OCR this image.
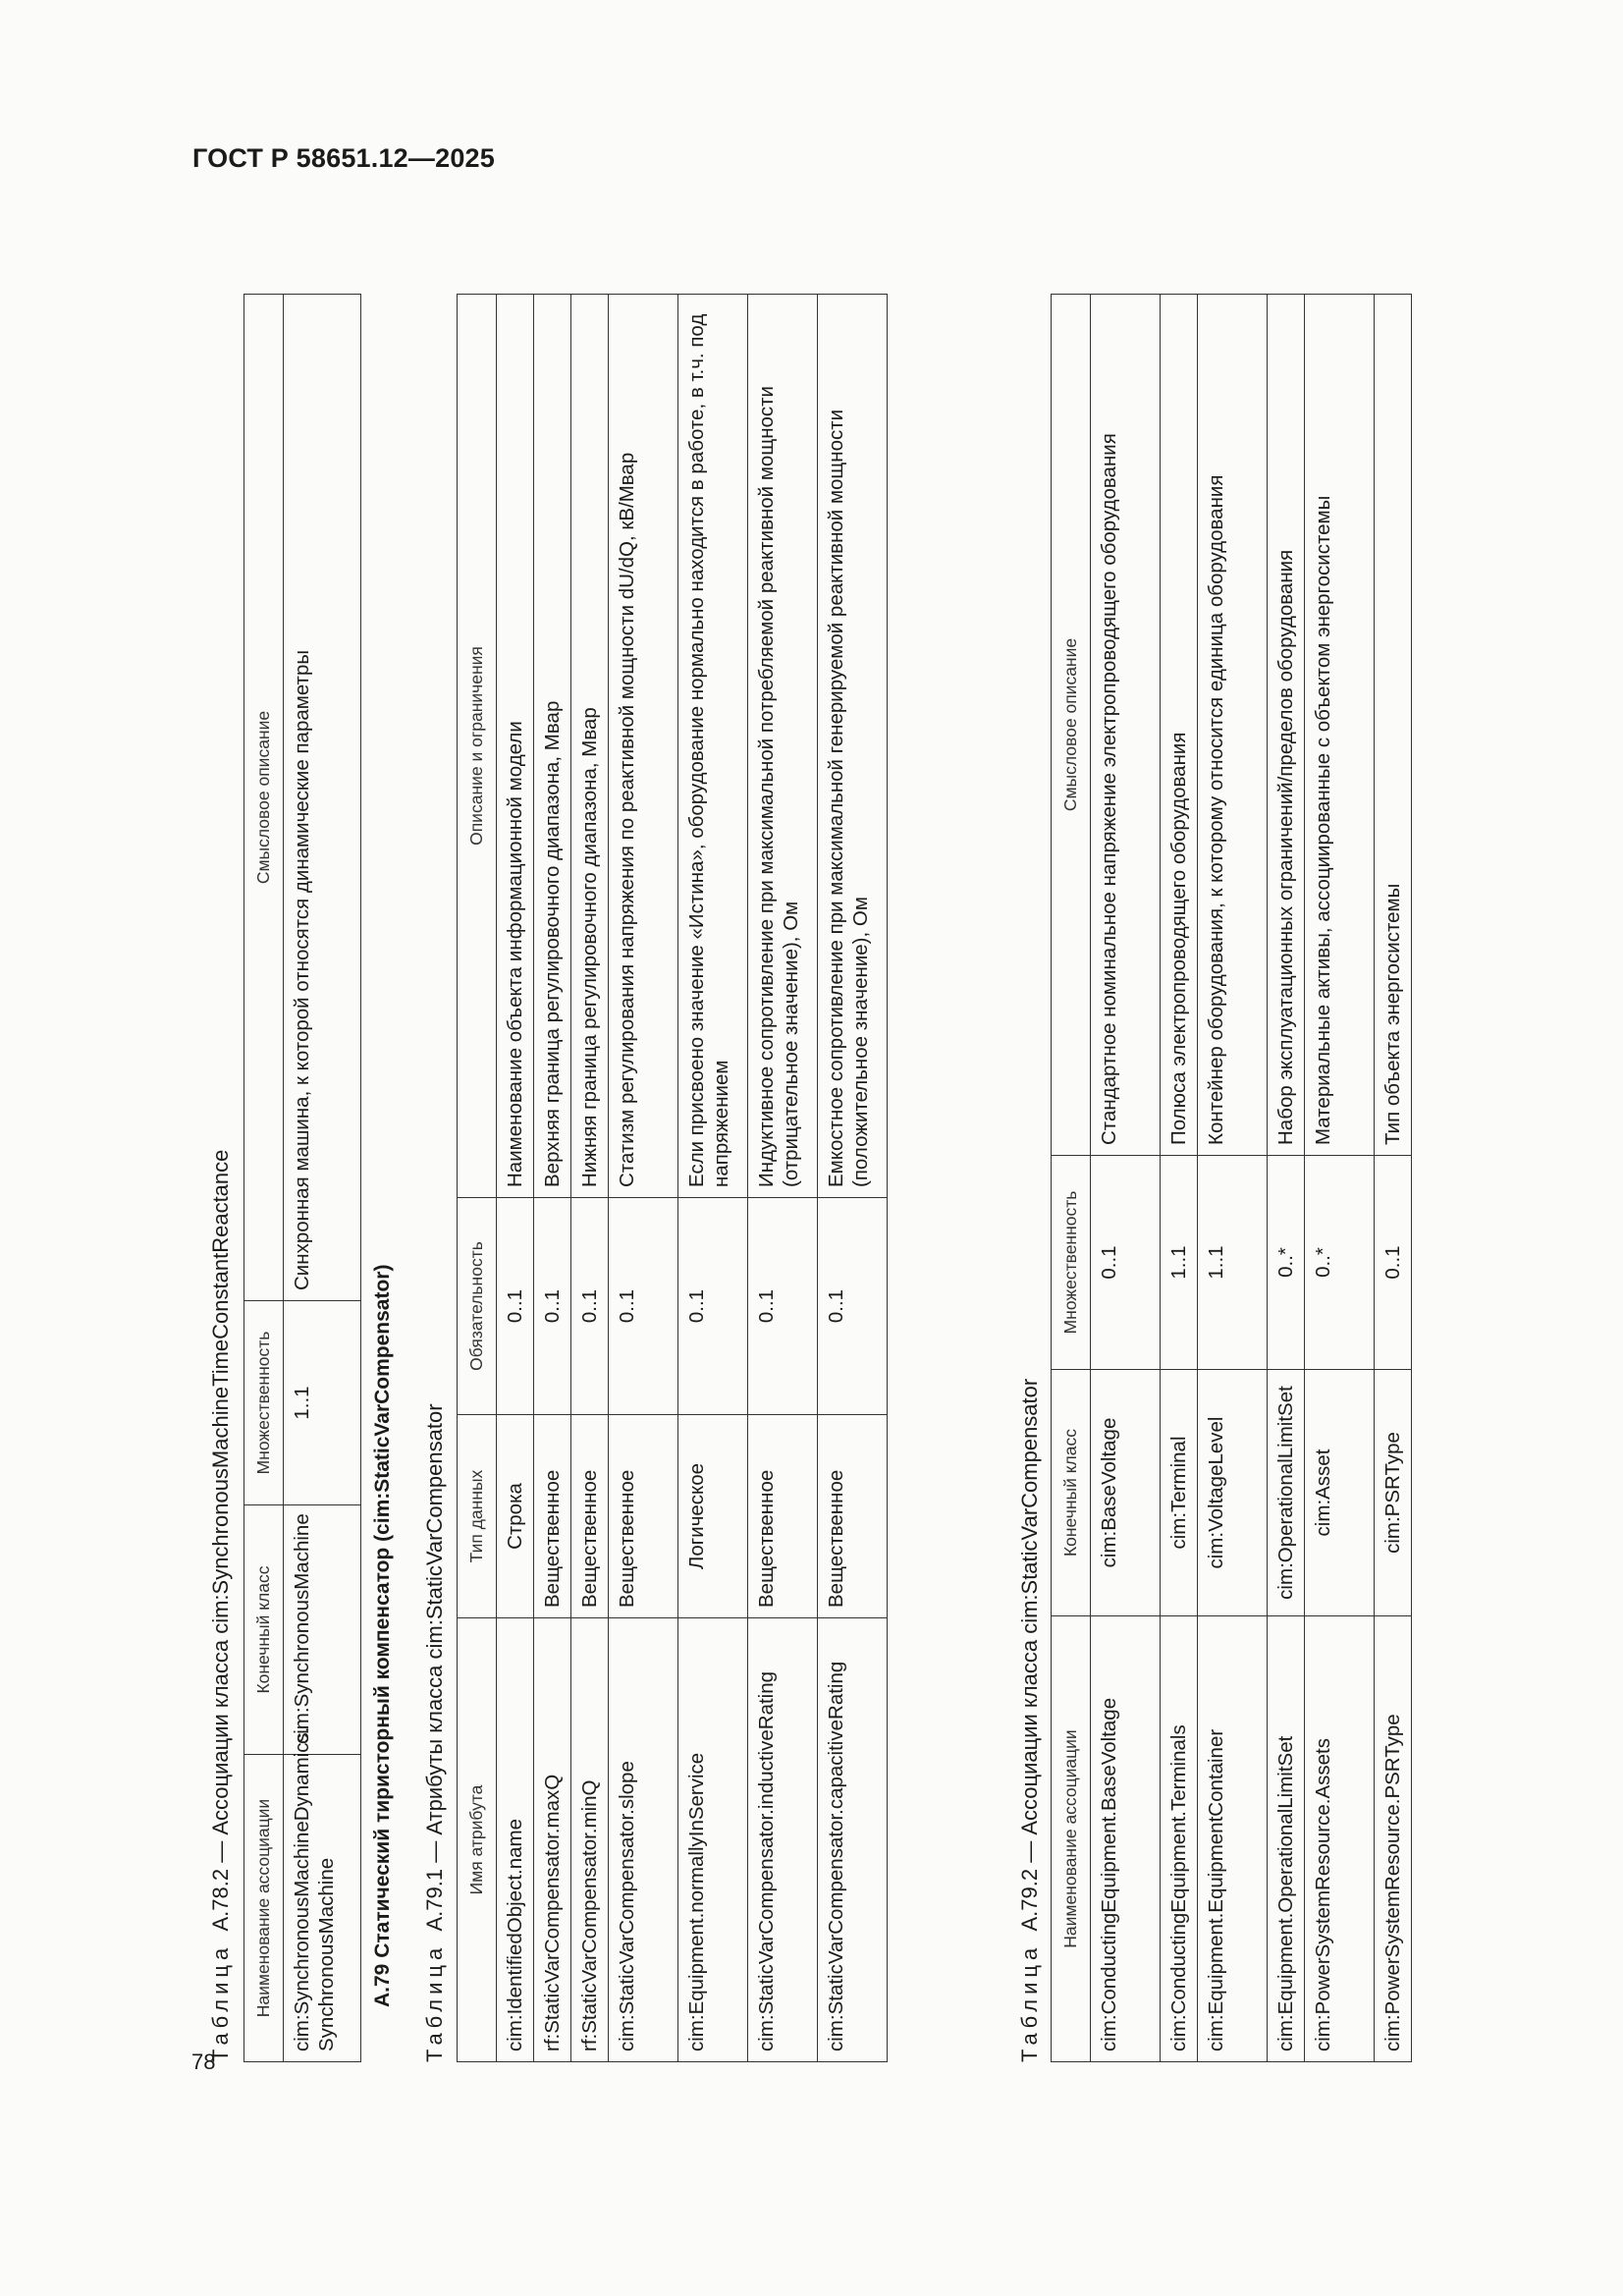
ГОСТ Р 58651.12—2025
78
Таблица  А.78.2 — Ассоциации класса cim:SynchronousMachineTimeConstantReactance Наименование ассоциации	Конечный класс	Множественность	Смысловое описание
cim:SynchronousMachineDynamics. SynchronousMachine	cim:SynchronousMachine	1..1	Синхронная машина, к которой относятся динамические параметры
А.79 Статический тиристорный компенсатор (cim:StaticVarCompensator) Таблица  А.79.1 — Атрибуты класса cim:StaticVarCompensator Имя атрибута	Тип данных	Обязательность	Описание и ограничения
cim:IdentifiedObject.name	Строка	0..1	Наименование объекта информационной модели
rf:StaticVarCompensator.maxQ	Вещественное	0..1	Верхняя граница регулировочного диапазона, Мвар
rf:StaticVarCompensator.minQ	Вещественное	0..1	Нижняя граница регулировочного диапазона, Мвар
cim:StaticVarCompensator.slope	Вещественное	0..1	Статизм регулирования напряжения по реактивной мощности dU/dQ, кВ/Мвар
cim:Equipment.normallyInService	Логическое	0..1	Если присвоено значение «Истина», оборудование нормально находится в работе, в т.ч. под напряжением
cim:StaticVarCompensator.inductiveRating	Вещественное	0..1	Индуктивное сопротивление при максимальной потребляемой реактивной мощности (отрицательное значение), Ом
cim:StaticVarCompensator.capacitiveRating	Вещественное	0..1	Емкостное сопротивление при максимальной генерируемой реактивной мощности (положительное значение), Ом
Таблица  А.79.2 — Ассоциации класса cim:StaticVarCompensator Наименование ассоциации	Конечный класс	Множественность	Смысловое описание
cim:ConductingEquipment.BaseVoltage	cim:BaseVoltage	0..1	Стандартное номинальное напряжение электропроводящего оборудования
cim:ConductingEquipment.Terminals	cim:Terminal	1..1	Полюса электропроводящего оборудования
cim:Equipment.EquipmentContainer	cim:VoltageLevel	1..1	Контейнер оборудования, к которому относится единица оборудования
cim:Equipment.OperationalLimitSet	cim:OperationalLimitSet	0..*	Набор эксплуатационных ограничений/пределов оборудования
cim:PowerSystemResource.Assets	cim:Asset	0..*	Материальные активы, ассоциированные с объектом энергосистемы
cim:PowerSystemResource.PSRType	cim:PSRType	0..1	Тип объекта энергосистемы
